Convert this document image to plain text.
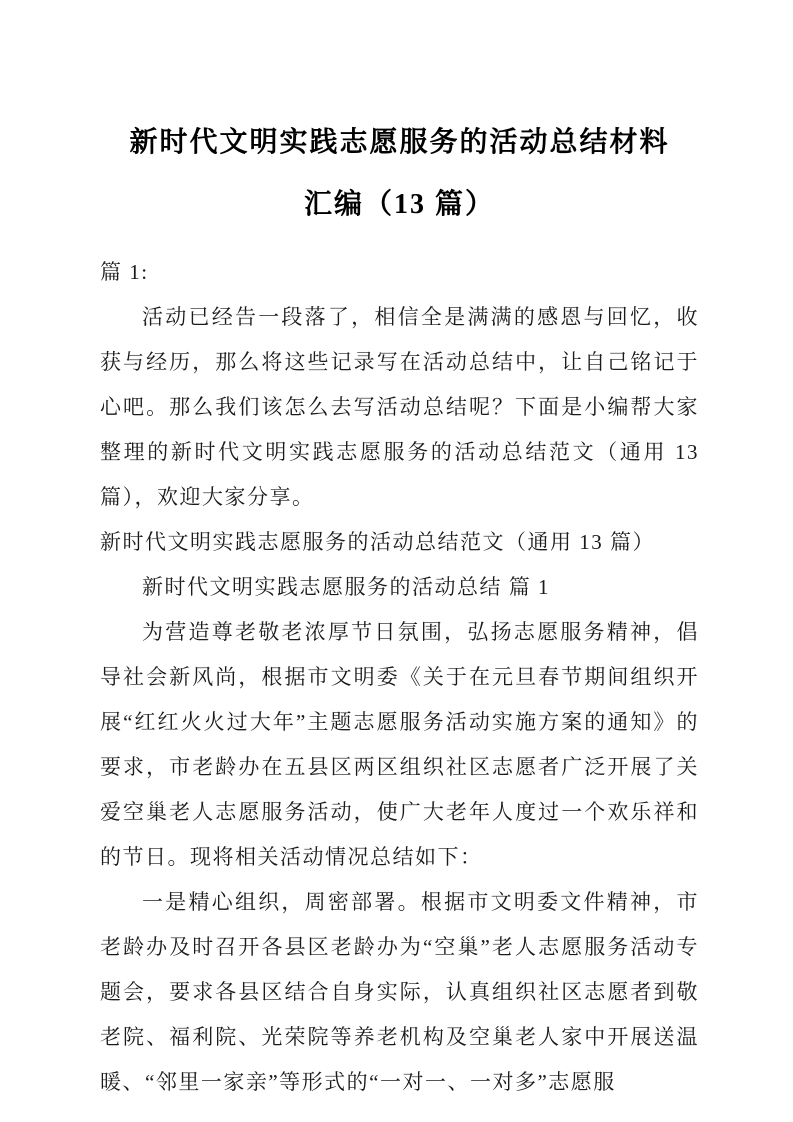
新时代文明实践志愿服务的活动总结材料
汇编（13 篇）

篇 1:

活动已经告一段落了，相信全是满满的感恩与回忆，收获与经历，那么将这些记录写在活动总结中，让自己铭记于心吧。那么我们该怎么去写活动总结呢？下面是小编帮大家整理的新时代文明实践志愿服务的活动总结范文（通用 13 篇），欢迎大家分享。

新时代文明实践志愿服务的活动总结范文（通用 13 篇）

新时代文明实践志愿服务的活动总结 篇 1

为营造尊老敬老浓厚节日氛围，弘扬志愿服务精神，倡导社会新风尚，根据市文明委《关于在元旦春节期间组织开展“红红火火过大年”主题志愿服务活动实施方案的通知》的要求，市老龄办在五县区两区组织社区志愿者广泛开展了关爱空巢老人志愿服务活动，使广大老年人度过一个欢乐祥和的节日。现将相关活动情况总结如下：

一是精心组织，周密部署。根据市文明委文件精神，市老龄办及时召开各县区老龄办为“空巢”老人志愿服务活动专题会，要求各县区结合自身实际，认真组织社区志愿者到敬老院、福利院、光荣院等养老机构及空巢老人家中开展送温暖、“邻里一家亲”等形式的“一对一、一对多”志愿服
